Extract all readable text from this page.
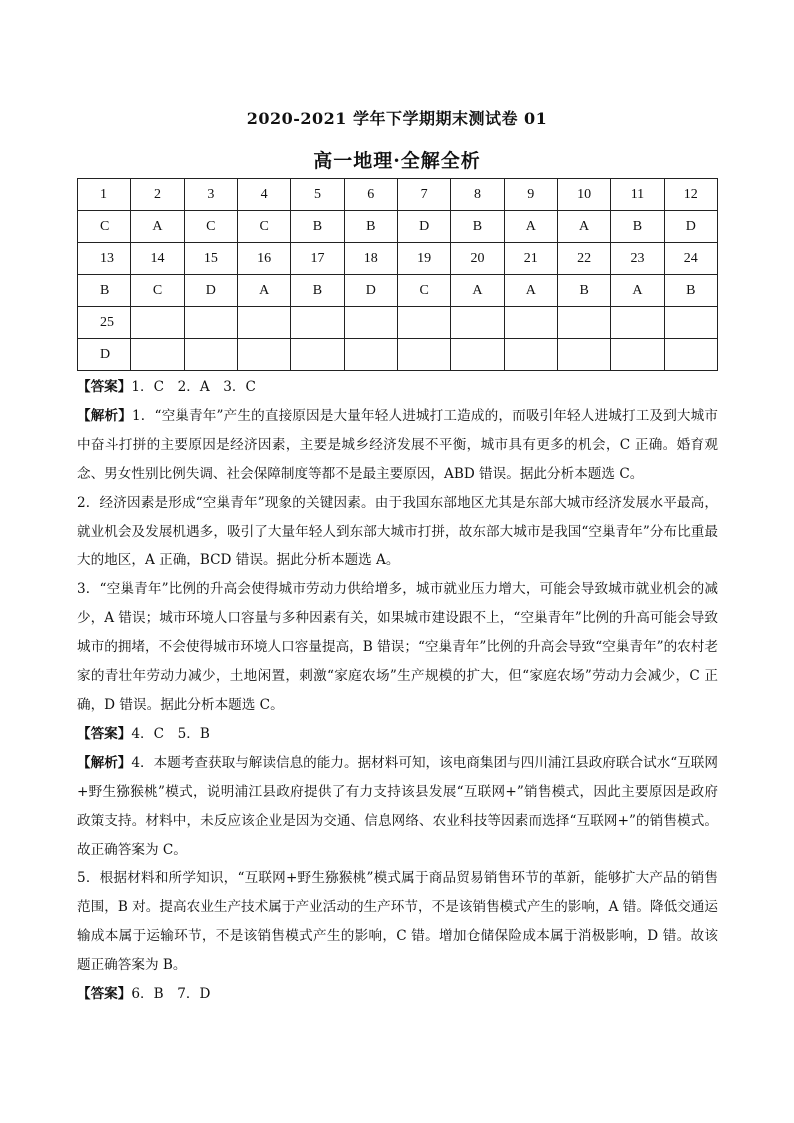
2020-2021 学年下学期期末测试卷 01
高一地理·全解全析
1	2	3	4	5	6	7	8	9	10	11	12
C	A	C	C	B	B	D	B	A	A	B	D
13	14	15	16	17	18	19	20	21	22	23	24
B	C	D	A	B	D	C	A	A	B	A	B
25											
D											

【答案】1．C　2．A　3．C

【解析】1．“空巢青年”产生的直接原因是大量年轻人进城打工造成的，而吸引年轻人进城打工及到大城市中奋斗打拼的主要原因是经济因素，主要是城乡经济发展不平衡，城市具有更多的机会，C 正确。婚育观念、男女性别比例失调、社会保障制度等都不是最主要原因，ABD 错误。据此分析本题选 C。

2．经济因素是形成“空巢青年”现象的关键因素。由于我国东部地区尤其是东部大城市经济发展水平最高，就业机会及发展机遇多，吸引了大量年轻人到东部大城市打拼，故东部大城市是我国“空巢青年”分布比重最大的地区，A 正确，BCD 错误。据此分析本题选 A。

3．“空巢青年”比例的升高会使得城市劳动力供给增多，城市就业压力增大，可能会导致城市就业机会的减少，A 错误；城市环境人口容量与多种因素有关，如果城市建设跟不上，“空巢青年”比例的升高可能会导致城市的拥堵，不会使得城市环境人口容量提高，B 错误；“空巢青年”比例的升高会导致“空巢青年”的农村老家的青壮年劳动力减少，土地闲置，刺激“家庭农场”生产规模的扩大，但“家庭农场”劳动力会减少，C 正确，D 错误。据此分析本题选 C。

【答案】4．C　5．B

【解析】4．本题考查获取与解读信息的能力。据材料可知，该电商集团与四川浦江县政府联合试水“互联网+野生猕猴桃”模式，说明浦江县政府提供了有力支持该县发展“互联网+”销售模式，因此主要原因是政府政策支持。材料中，未反应该企业是因为交通、信息网络、农业科技等因素而选择“互联网+”的销售模式。故正确答案为 C。

5．根据材料和所学知识，“互联网+野生猕猴桃”模式属于商品贸易销售环节的革新，能够扩大产品的销售范围，B 对。提高农业生产技术属于产业活动的生产环节，不是该销售模式产生的影响，A 错。降低交通运输成本属于运输环节，不是该销售模式产生的影响，C 错。增加仓储保险成本属于消极影响，D 错。故该题正确答案为 B。

【答案】6．B　7．D
